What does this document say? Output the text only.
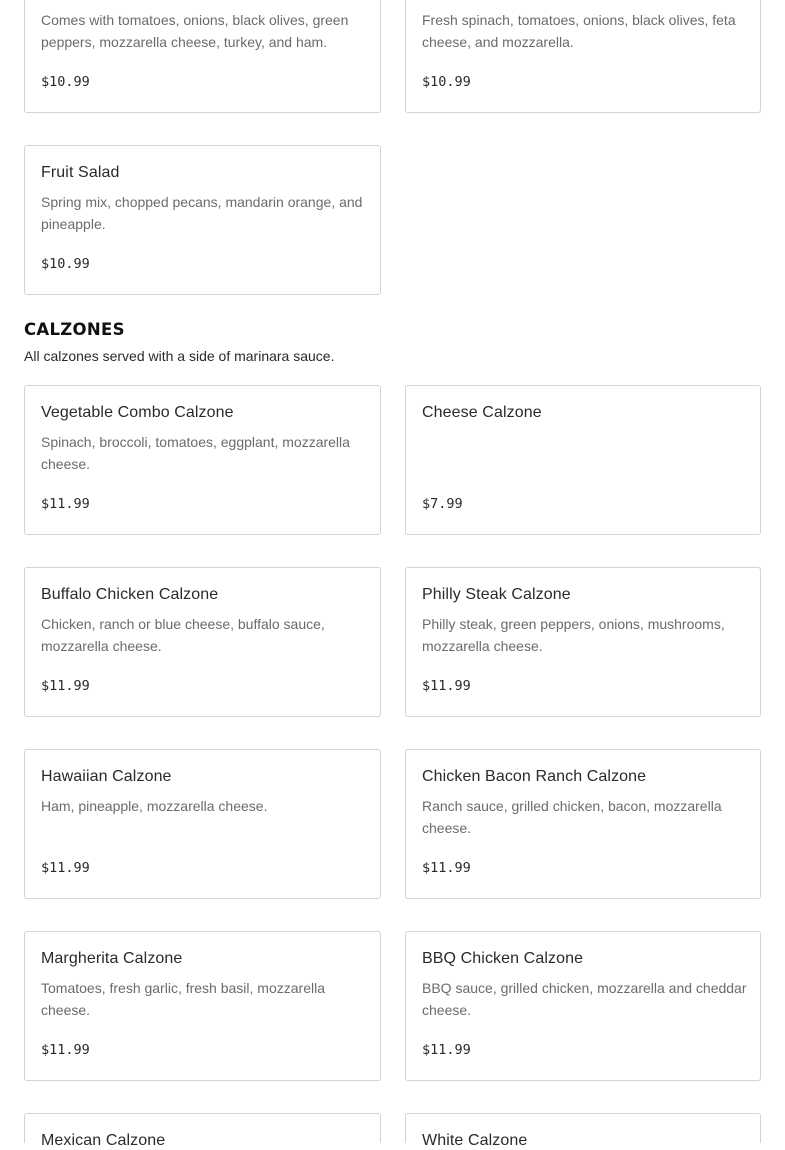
Comes with tomatoes, onions, black olives, green peppers, mozzarella cheese, turkey, and ham.
$10.99
Fresh spinach, tomatoes, onions, black olives, feta cheese, and mozzarella.
$10.99
Fruit Salad
Spring mix, chopped pecans, mandarin orange, and pineapple.
$10.99
CALZONES
All calzones served with a side of marinara sauce.
Vegetable Combo Calzone
Spinach, broccoli, tomatoes, eggplant, mozzarella cheese.
$11.99
Cheese Calzone
$7.99
Buffalo Chicken Calzone
Chicken, ranch or blue cheese, buffalo sauce, mozzarella cheese.
$11.99
Philly Steak Calzone
Philly steak, green peppers, onions, mushrooms, mozzarella cheese.
$11.99
Hawaiian Calzone
Ham, pineapple, mozzarella cheese.
$11.99
Chicken Bacon Ranch Calzone
Ranch sauce, grilled chicken, bacon, mozzarella cheese.
$11.99
Margherita Calzone
Tomatoes, fresh garlic, fresh basil, mozzarella cheese.
$11.99
BBQ Chicken Calzone
BBQ sauce, grilled chicken, mozzarella and cheddar cheese.
$11.99
Mexican Calzone	White Calzone
